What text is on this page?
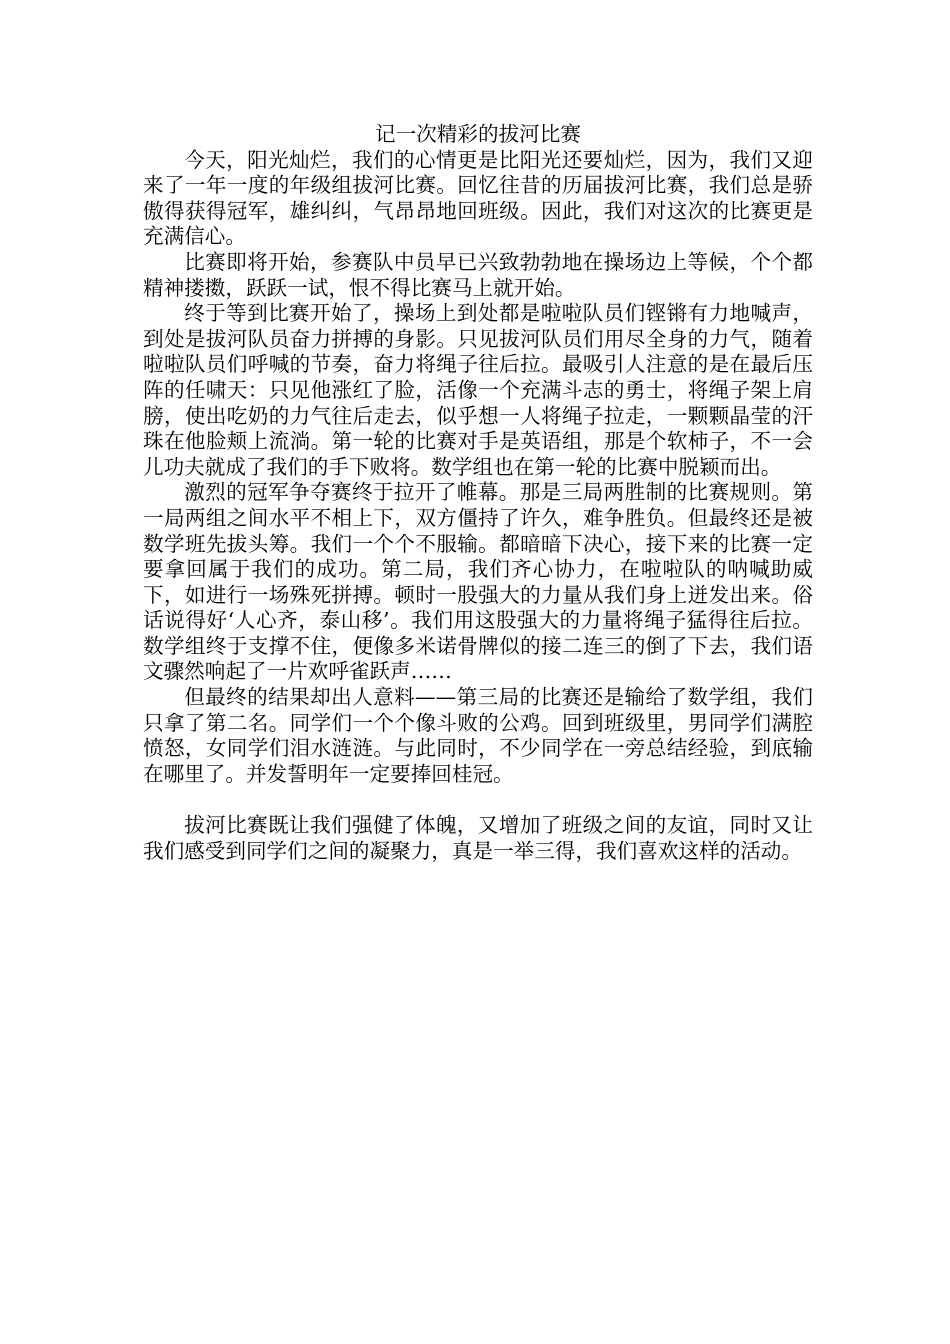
记一次精彩的拔河比赛

今天，阳光灿烂，我们的心情更是比阳光还要灿烂，因为，我们又迎来了一年一度的年级组拔河比赛。回忆往昔的历届拔河比赛，我们总是骄傲得获得冠军，雄纠纠，气昂昂地回班级。因此，我们对这次的比赛更是充满信心。

比赛即将开始，参赛队中员早已兴致勃勃地在操场边上等候，个个都精神搂擞，跃跃一试，恨不得比赛马上就开始。

终于等到比赛开始了，操场上到处都是啦啦队员们铿锵有力地喊声，到处是拔河队员奋力拼搏的身影。只见拔河队员们用尽全身的力气，随着啦啦队员们呼喊的节奏，奋力将绳子往后拉。最吸引人注意的是在最后压阵的任啸天：只见他涨红了脸，活像一个充满斗志的勇士，将绳子架上肩膀，使出吃奶的力气往后走去，似乎想一人将绳子拉走，一颗颗晶莹的汗珠在他脸颊上流淌。第一轮的比赛对手是英语组，那是个软柿子，不一会儿功夫就成了我们的手下败将。数学组也在第一轮的比赛中脱颖而出。

激烈的冠军争夺赛终于拉开了帷幕。那是三局两胜制的比赛规则。第一局两组之间水平不相上下，双方僵持了许久，难争胜负。但最终还是被数学班先拔头筹。我们一个个不服输。都暗暗下决心，接下来的比赛一定要拿回属于我们的成功。第二局，我们齐心协力，在啦啦队的呐喊助威下，如进行一场殊死拼搏。顿时一股强大的力量从我们身上迸发出来。俗话说得好‘人心齐，泰山移’。我们用这股强大的力量将绳子猛得往后拉。数学组终于支撑不住，便像多米诺骨牌似的接二连三的倒了下去，我们语文骤然响起了一片欢呼雀跃声……

但最终的结果却出人意料——第三局的比赛还是输给了数学组，我们只拿了第二名。同学们一个个像斗败的公鸡。回到班级里，男同学们满腔愤怒，女同学们泪水涟涟。与此同时，不少同学在一旁总结经验，到底输在哪里了。并发誓明年一定要捧回桂冠。

拔河比赛既让我们强健了体魄，又增加了班级之间的友谊，同时又让我们感受到同学们之间的凝聚力，真是一举三得，我们喜欢这样的活动。
